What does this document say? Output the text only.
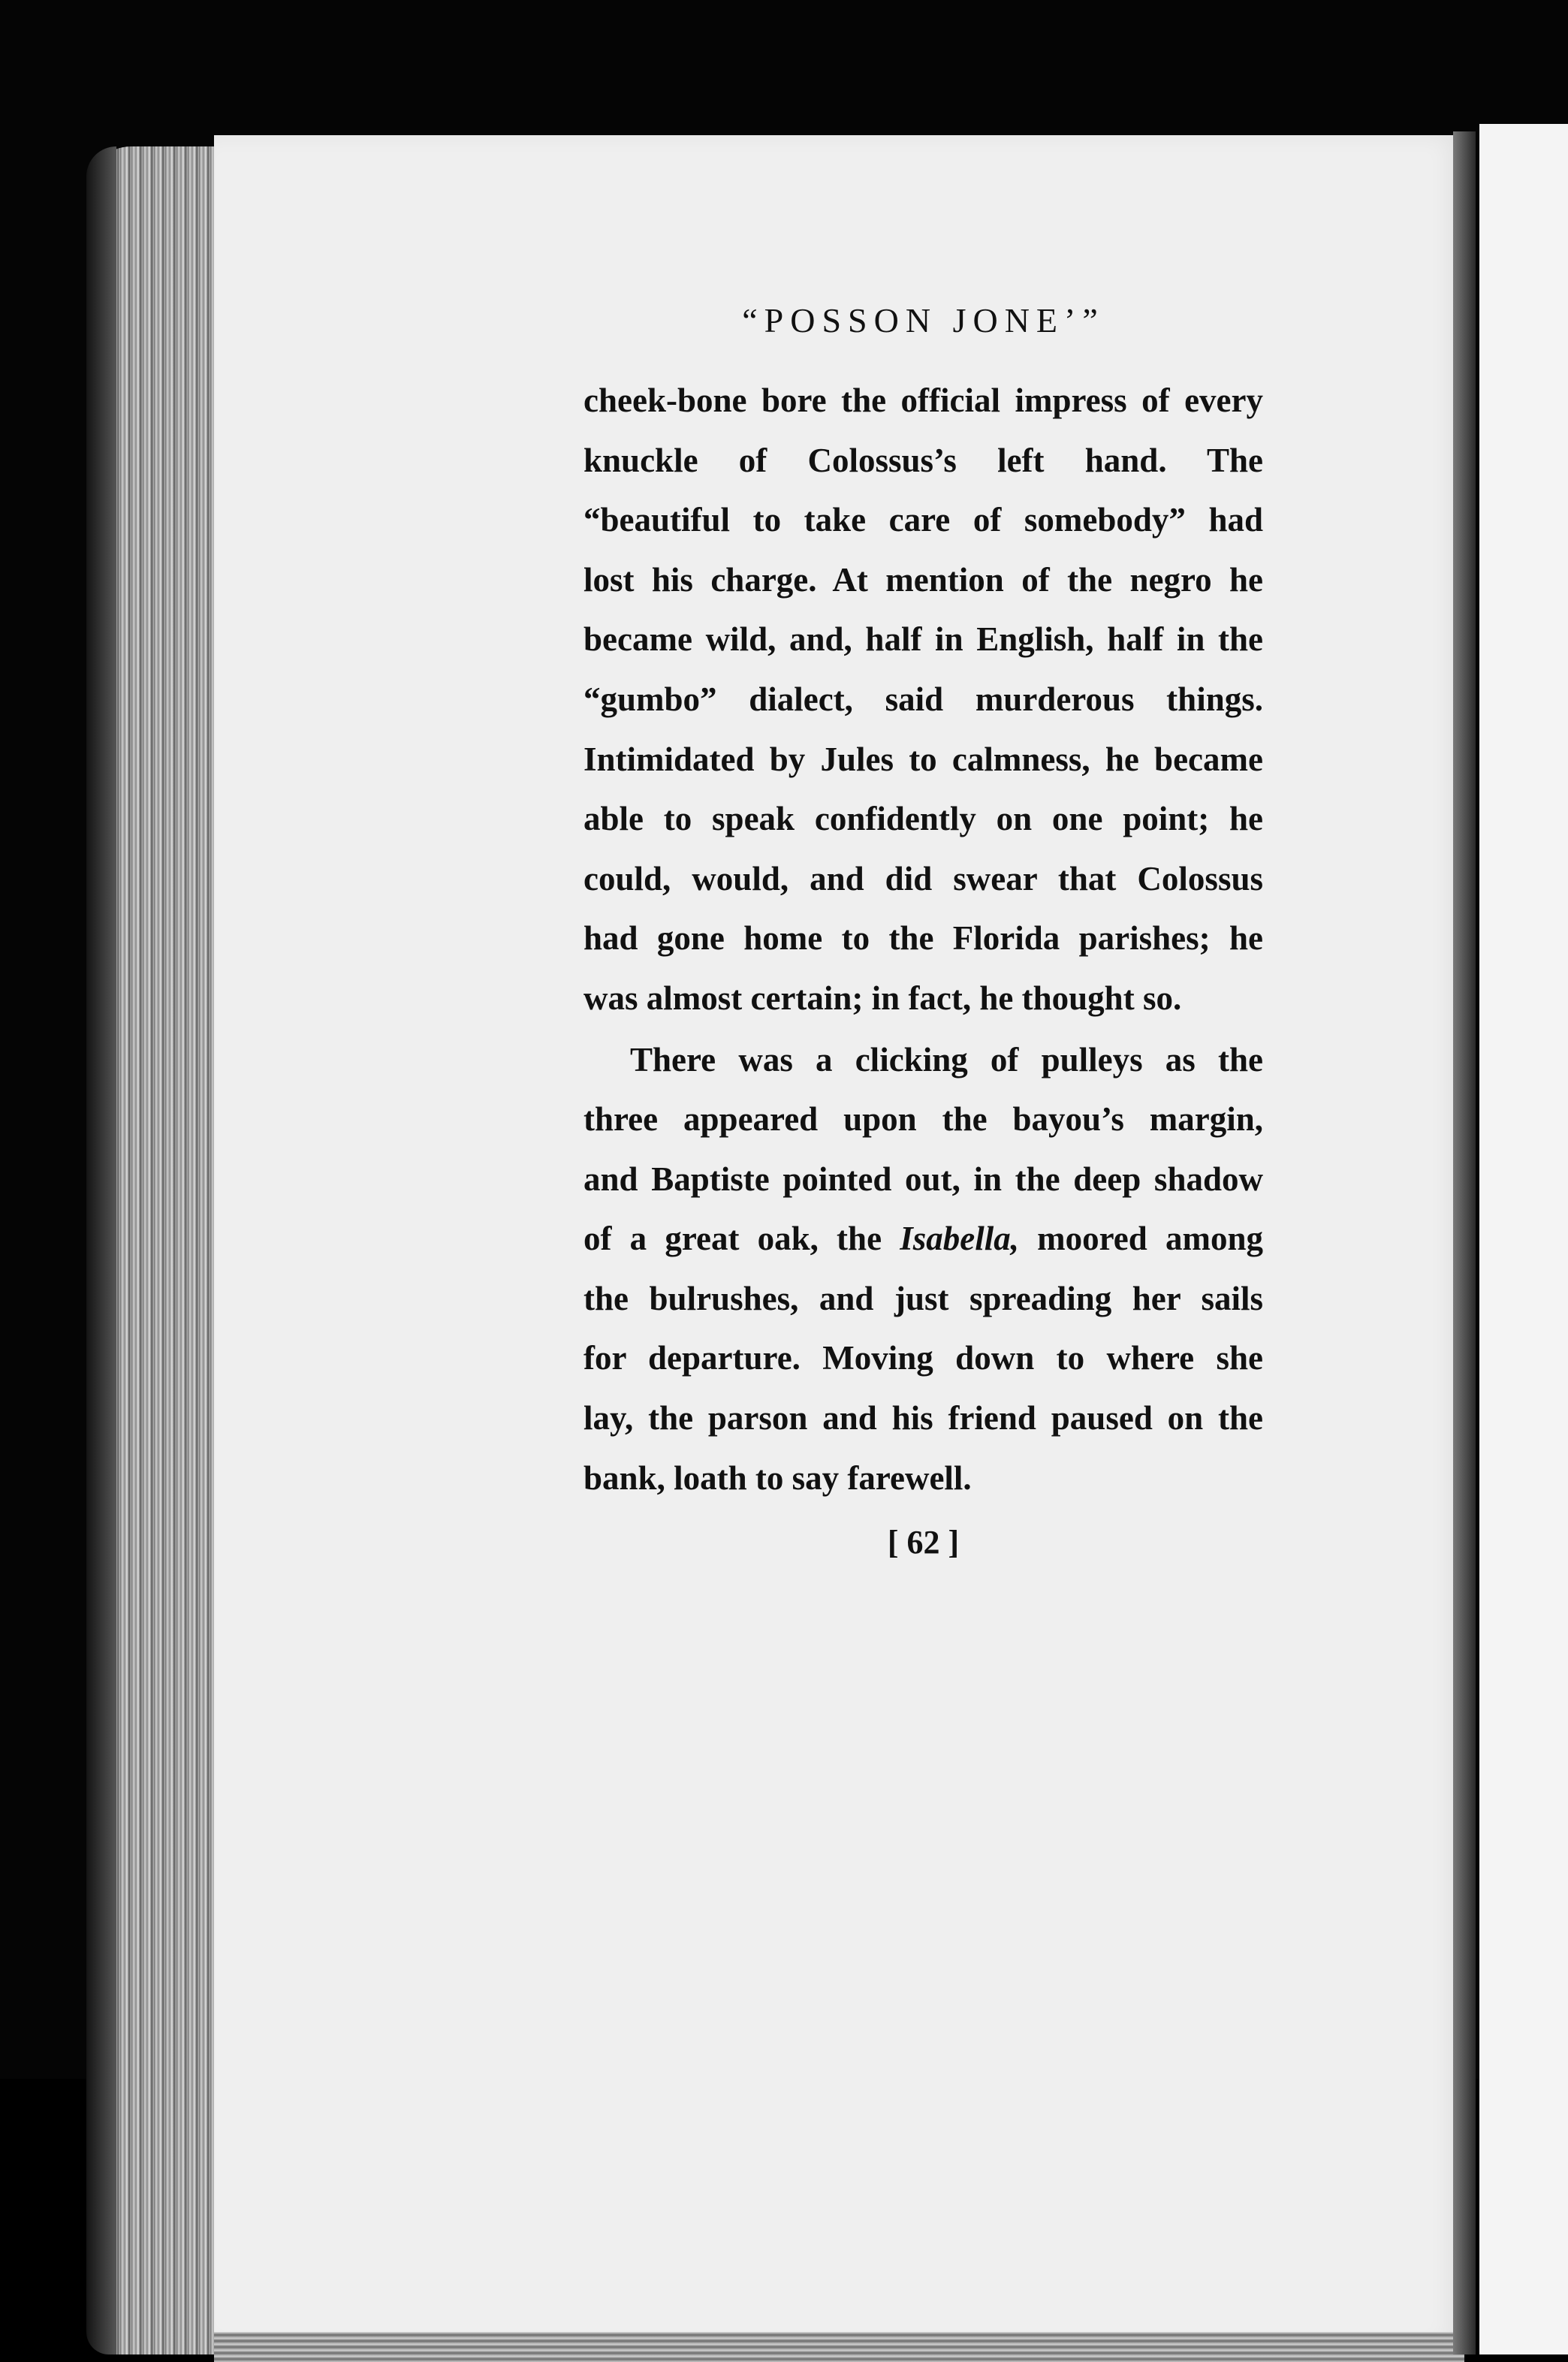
“POSSON JONE’”
cheek-bone bore the official impress of every
knuckle of Colossus’s left hand. The
“beautiful to take care of somebody” had
lost his charge. At mention of the negro he
became wild, and, half in English, half in the
“gumbo” dialect, said murderous things.
Intimidated by Jules to calmness, he became
able to speak confidently on one point; he
could, would, and did swear that Colossus
had gone home to the Florida parishes; he
was almost certain; in fact, he thought so.
There was a clicking of pulleys as the
three appeared upon the bayou’s margin,
and Baptiste pointed out, in the deep shadow
of a great oak, the Isabella, moored among
the bulrushes, and just spreading her sails
for departure. Moving down to where she
lay, the parson and his friend paused on the
bank, loath to say farewell.

[ 62 ]
